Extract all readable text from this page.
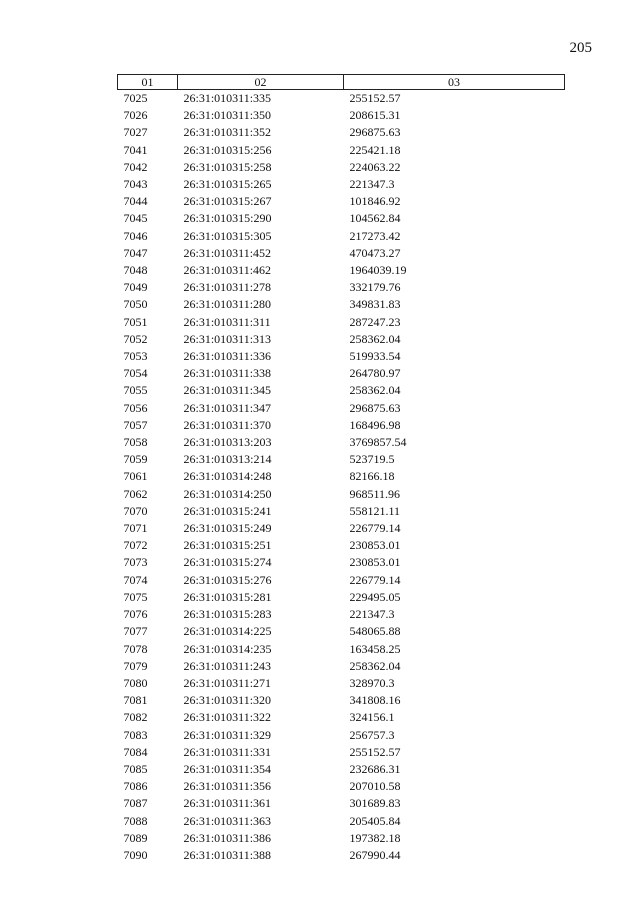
205
01	02	03
7025	26:31:010311:335	255152.57
7026	26:31:010311:350	208615.31
7027	26:31:010311:352	296875.63
7041	26:31:010315:256	225421.18
7042	26:31:010315:258	224063.22
7043	26:31:010315:265	221347.3
7044	26:31:010315:267	101846.92
7045	26:31:010315:290	104562.84
7046	26:31:010315:305	217273.42
7047	26:31:010311:452	470473.27
7048	26:31:010311:462	1964039.19
7049	26:31:010311:278	332179.76
7050	26:31:010311:280	349831.83
7051	26:31:010311:311	287247.23
7052	26:31:010311:313	258362.04
7053	26:31:010311:336	519933.54
7054	26:31:010311:338	264780.97
7055	26:31:010311:345	258362.04
7056	26:31:010311:347	296875.63
7057	26:31:010311:370	168496.98
7058	26:31:010313:203	3769857.54
7059	26:31:010313:214	523719.5
7061	26:31:010314:248	82166.18
7062	26:31:010314:250	968511.96
7070	26:31:010315:241	558121.11
7071	26:31:010315:249	226779.14
7072	26:31:010315:251	230853.01
7073	26:31:010315:274	230853.01
7074	26:31:010315:276	226779.14
7075	26:31:010315:281	229495.05
7076	26:31:010315:283	221347.3
7077	26:31:010314:225	548065.88
7078	26:31:010314:235	163458.25
7079	26:31:010311:243	258362.04
7080	26:31:010311:271	328970.3
7081	26:31:010311:320	341808.16
7082	26:31:010311:322	324156.1
7083	26:31:010311:329	256757.3
7084	26:31:010311:331	255152.57
7085	26:31:010311:354	232686.31
7086	26:31:010311:356	207010.58
7087	26:31:010311:361	301689.83
7088	26:31:010311:363	205405.84
7089	26:31:010311:386	197382.18
7090	26:31:010311:388	267990.44
